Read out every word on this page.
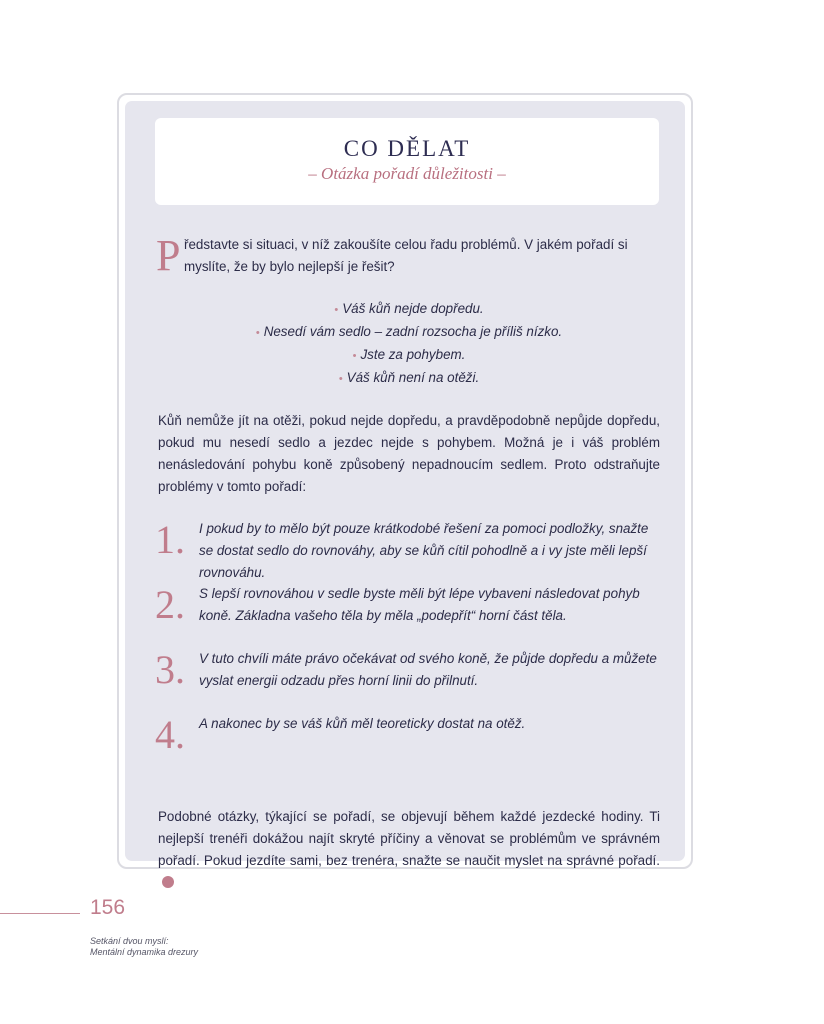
CO DĚLAT
– Otázka pořadí důležitosti –
P ředstavte si situaci, v níž zakoušíte celou řadu problémů. V jakém pořadí si myslíte, že by bylo nejlepší je řešit?
• Váš kůň nejde dopředu.
• Nesedí vám sedlo – zadní rozsocha je příliš nízko.
• Jste za pohybem.
• Váš kůň není na otěži.
Kůň nemůže jít na otěži, pokud nejde dopředu, a pravděpodobně nepůjde dopředu, pokud mu nesedí sedlo a jezdec nejde s pohybem. Možná je i váš problém nenásledování pohybu koně způsobený nepadnoucím sedlem. Proto odstraňujte problémy v tomto pořadí:
1. I pokud by to mělo být pouze krátkodobé řešení za pomoci podložky, snažte se dostat sedlo do rovnováhy, aby se kůň cítil pohodlně a i vy jste měli lepší rovnováhu.
2. S lepší rovnováhou v sedle byste měli být lépe vybaveni následovat pohyb koně. Základna vašeho těla by měla „podepřít“ horní část těla.
3. V tuto chvíli máte právo očekávat od svého koně, že půjde dopředu a můžete vyslat energii odzadu přes horní linii do přilnutí.
4. A nakonec by se váš kůň měl teoreticky dostat na otěž.
Podobné otázky, týkající se pořadí, se objevují během každé jezdecké hodiny. Ti nejlepší trenéři dokážou najít skryté příčiny a věnovat se problémům ve správném pořadí. Pokud jezdíte sami, bez trenéra, snažte se naučit myslet na správné pořadí.
156
Setkání dvou myslí: Mentální dynamika drezury
